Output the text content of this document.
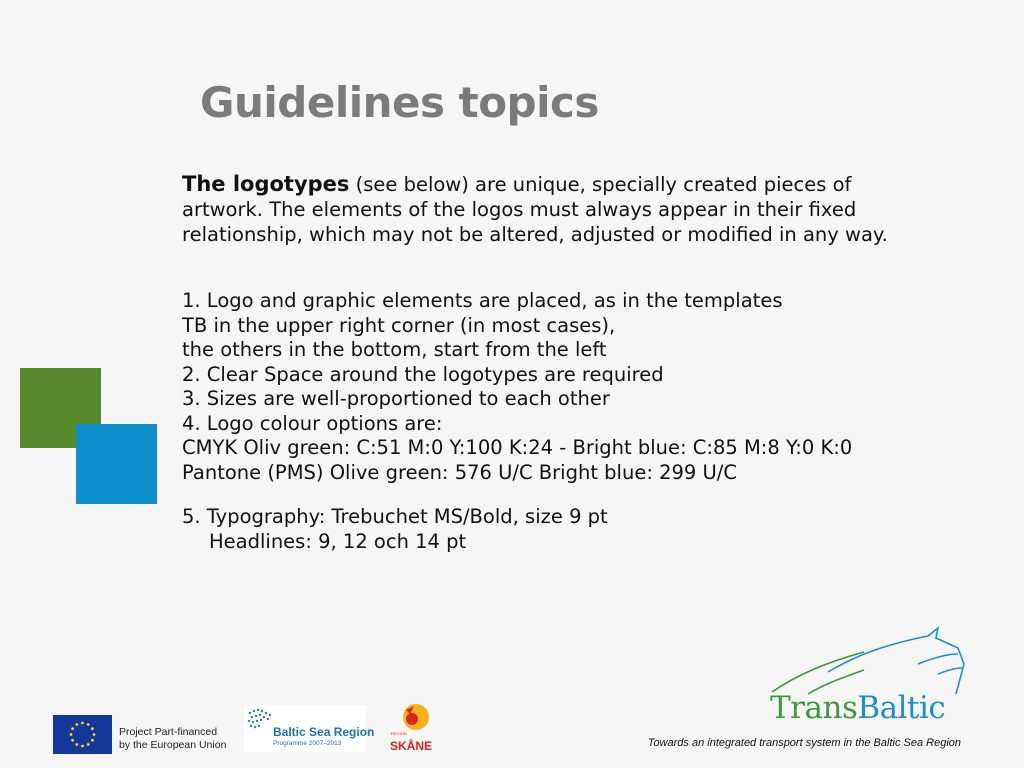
Guidelines topics
The logotypes (see below) are unique, specially created pieces of
artwork. The elements of the logos must always appear in their fixed
relationship, which may not be altered, adjusted or modified in any way.
1. Logo and graphic elements are placed, as in the templates
TB in the upper right corner (in most cases),
the others in the bottom, start from the left
2. Clear Space around the logotypes are required
3. Sizes are well-proportioned to each other
4. Logo colour options are:
CMYK Oliv green: C:51 M:0 Y:100 K:24 - Bright blue: C:85 M:8 Y:0 K:0
Pantone (PMS) Olive green: 576 U/C Bright blue: 299 U/C
5. Typography: Trebuchet MS/Bold, size 9 pt
Headlines: 9, 12 och 14 pt
Project Part-financed
by the European Union
Baltic Sea Region
Programme 2007–2013
REGION
SKÅNE
TransBaltic
Towards an integrated transport system in the Baltic Sea Region
